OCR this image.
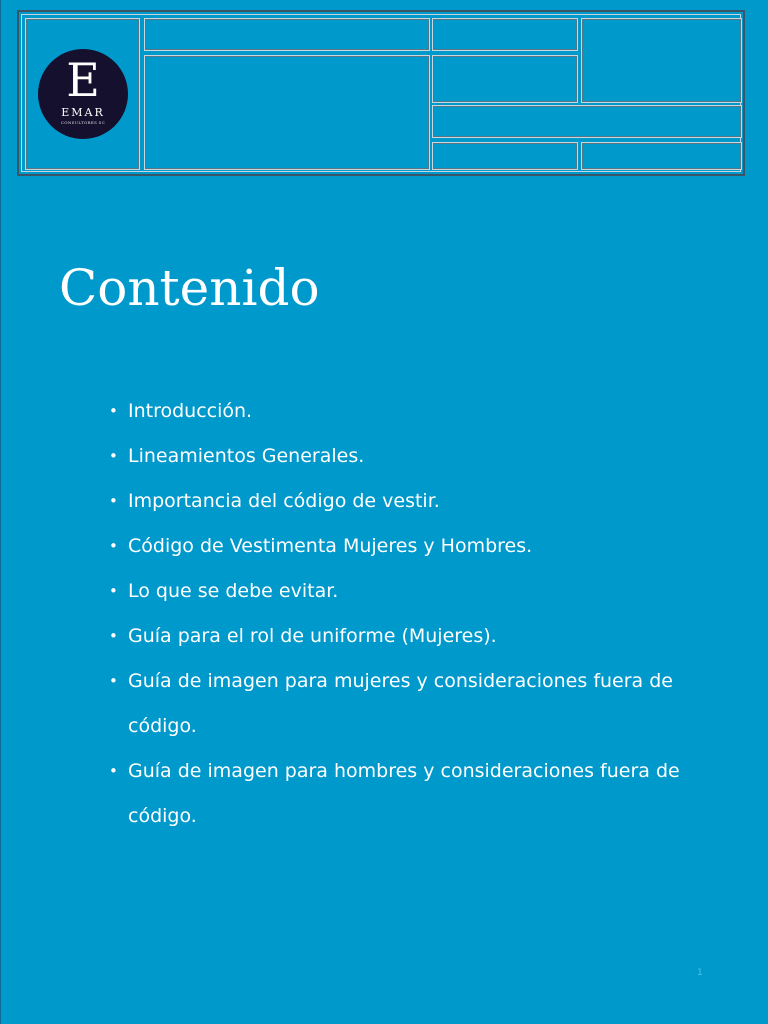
E
EMAR
CONSULTORES SC
Contenido
• Introducción.
• Lineamientos Generales.
• Importancia del código de vestir.
• Código de Vestimenta Mujeres y Hombres.
• Lo que se debe evitar.
• Guía para el rol de uniforme (Mujeres).
• Guía de imagen para mujeres y consideraciones fuera de código.
• Guía de imagen para hombres y consideraciones fuera de código.
1
